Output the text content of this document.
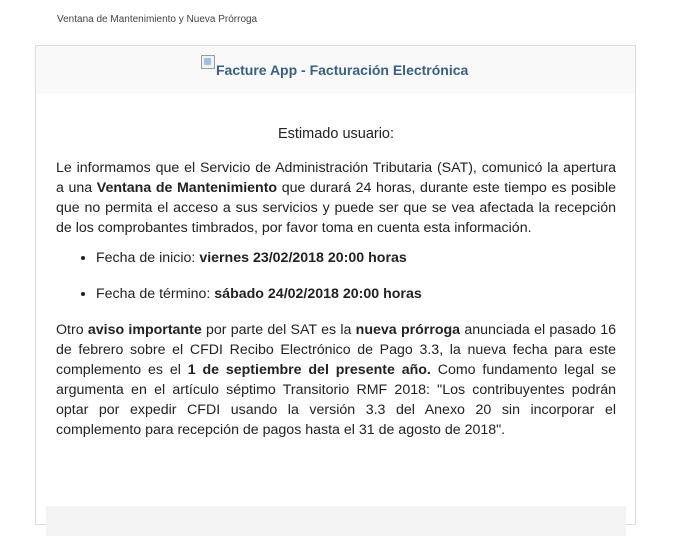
Ventana de Mantenimiento y Nueva Prórroga
Facture App - Facturación Electrónica

Estimado usuario:

Le informamos que el Servicio de Administración Tributaria (SAT), comunicó la apertura a una Ventana de Mantenimiento que durará 24 horas, durante este tiempo es posible que no permita el acceso a sus servicios y puede ser que se vea afectada la recepción de los comprobantes timbrados, por favor toma en cuenta esta información.

• Fecha de inicio: viernes 23/02/2018 20:00 horas
• Fecha de término: sábado 24/02/2018 20:00 horas

Otro aviso importante por parte del SAT es la nueva prórroga anunciada el pasado 16 de febrero sobre el CFDI Recibo Electrónico de Pago 3.3, la nueva fecha para este complemento es el 1 de septiembre del presente año. Como fundamento legal se argumenta en el artículo séptimo Transitorio RMF 2018: "Los contribuyentes podrán optar por expedir CFDI usando la versión 3.3 del Anexo 20 sin incorporar el complemento para recepción de pagos hasta el 31 de agosto de 2018".
